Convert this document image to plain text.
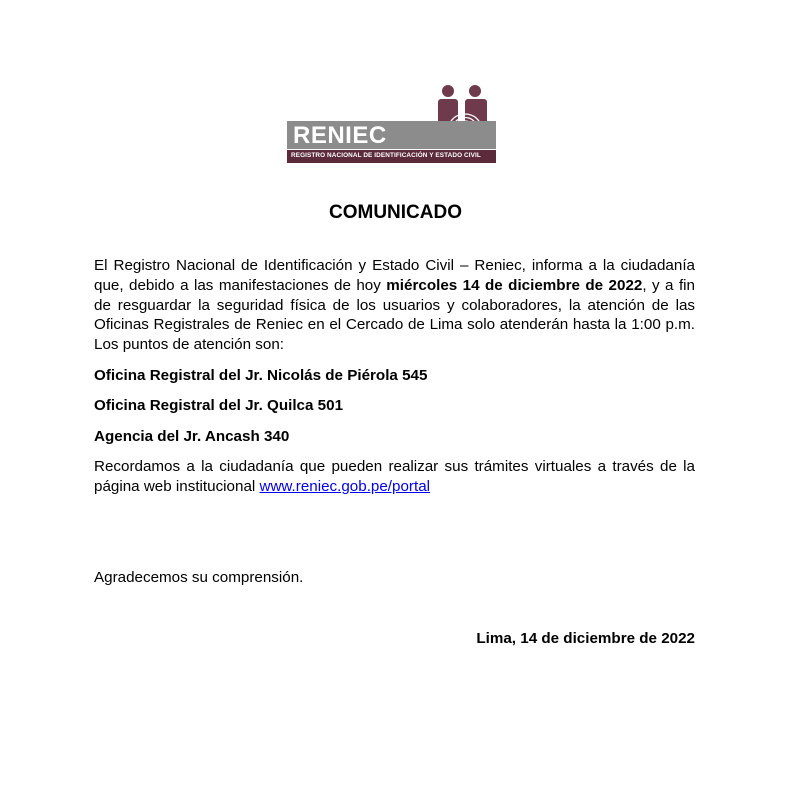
RENIEC
REGISTRO NACIONAL DE IDENTIFICACIÓN Y ESTADO CIVIL
COMUNICADO
El Registro Nacional de Identificación y Estado Civil – Reniec, informa a la ciudadanía que, debido a las manifestaciones de hoy miércoles 14 de diciembre de 2022, y a fin de resguardar la seguridad física de los usuarios y colaboradores, la atención de las Oficinas Registrales de Reniec en el Cercado de Lima solo atenderán hasta la 1:00 p.m. Los puntos de atención son:
Oficina Registral del Jr. Nicolás de Piérola 545
Oficina Registral del Jr. Quilca 501
Agencia del Jr. Ancash 340
Recordamos a la ciudadanía que pueden realizar sus trámites virtuales a través de la página web institucional www.reniec.gob.pe/portal
Agradecemos su comprensión.
Lima, 14 de diciembre de 2022
